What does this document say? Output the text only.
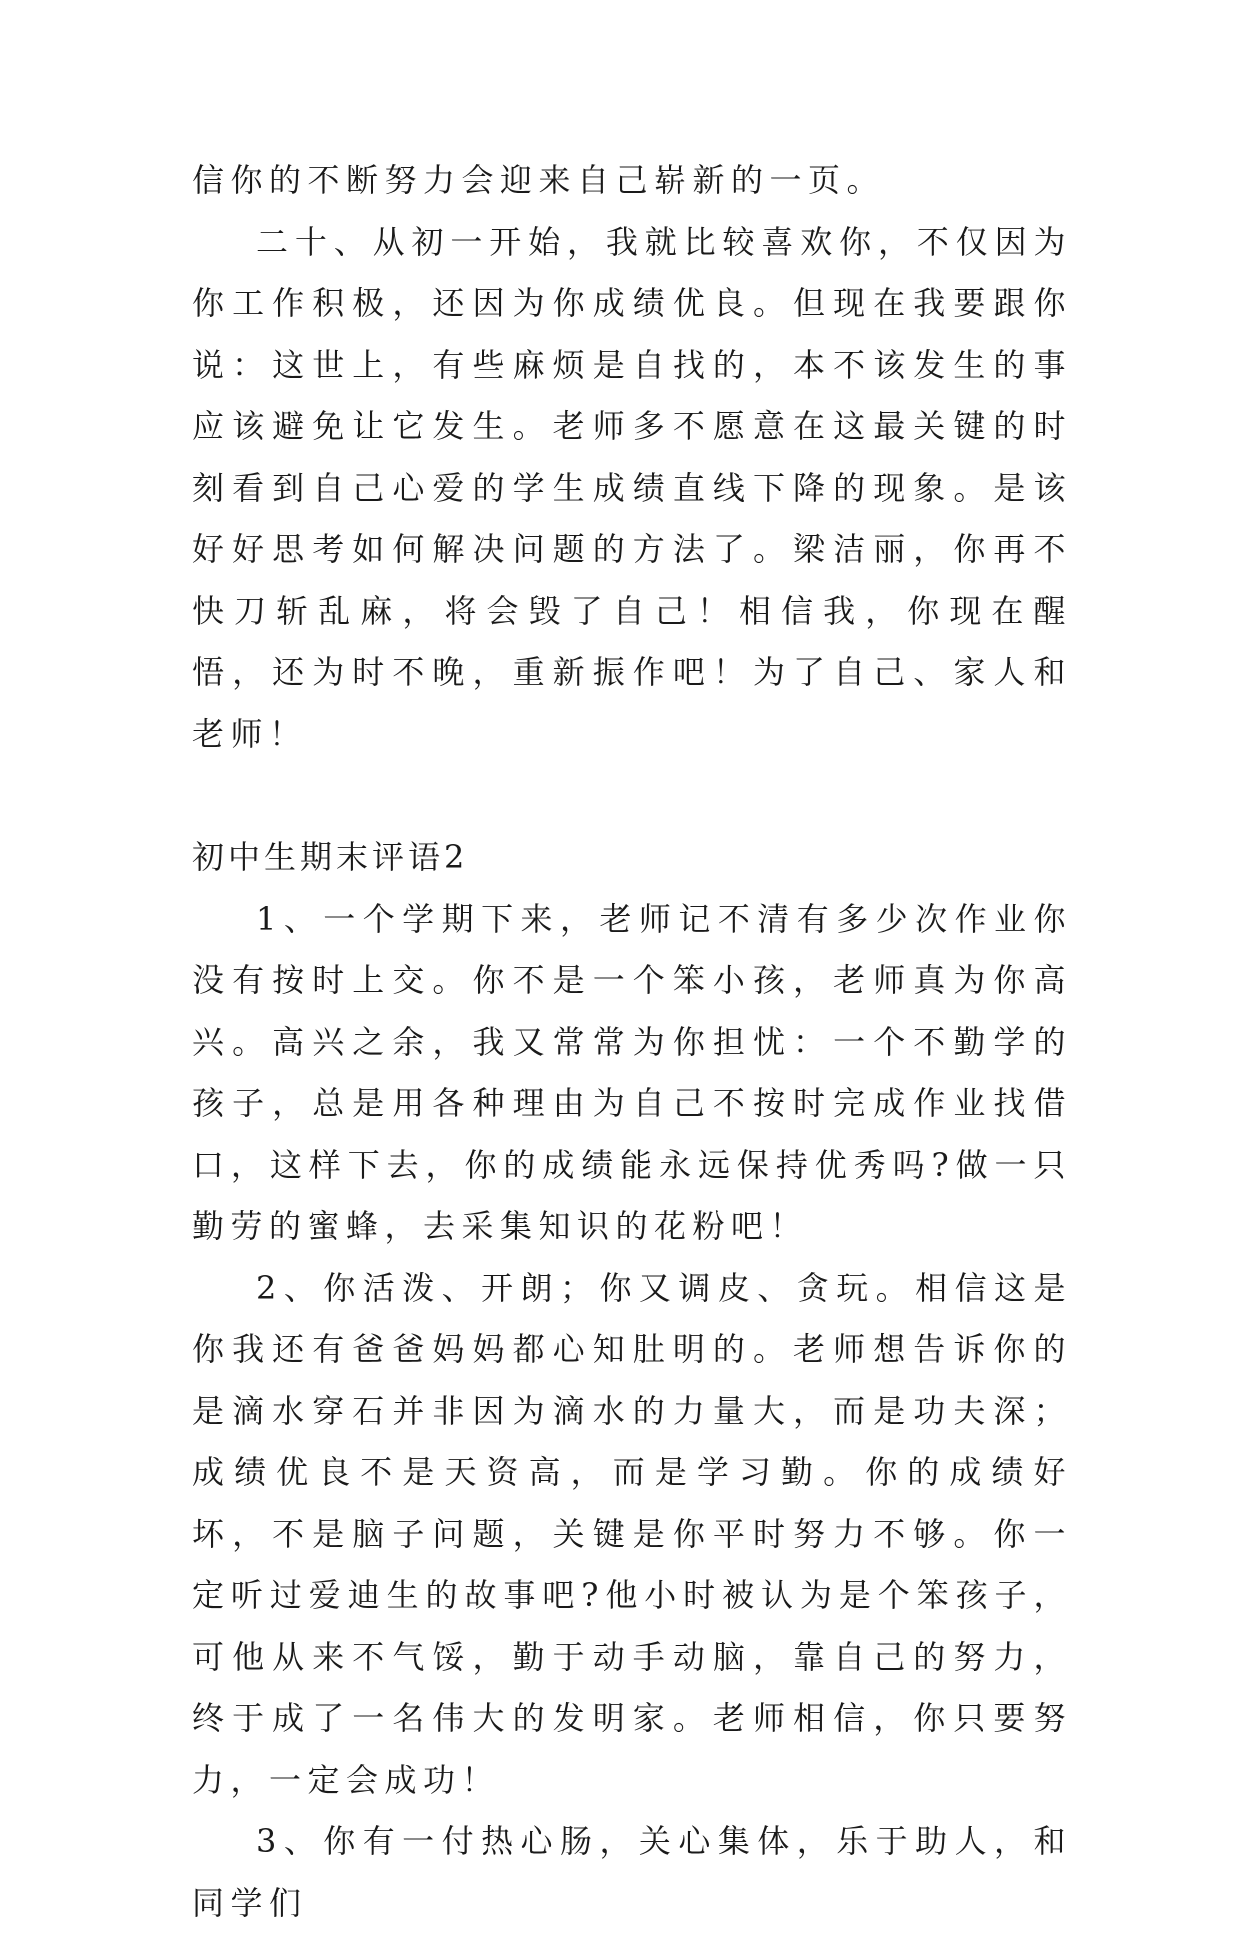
信你的不断努力会迎来自己崭新的一页。

二十、从初一开始，我就比较喜欢你，不仅因为你工作积极，还因为你成绩优良。但现在我要跟你说：这世上，有些麻烦是自找的，本不该发生的事应该避免让它发生。老师多不愿意在这最关键的时刻看到自己心爱的学生成绩直线下降的现象。是该好好思考如何解决问题的方法了。梁洁丽，你再不快刀斩乱麻，将会毁了自己！相信我，你现在醒悟，还为时不晚，重新振作吧！为了自己、家人和老师！

初中生期末评语2

1、一个学期下来，老师记不清有多少次作业你没有按时上交。你不是一个笨小孩，老师真为你高兴。高兴之余，我又常常为你担忧：一个不勤学的孩子，总是用各种理由为自己不按时完成作业找借口，这样下去，你的成绩能永远保持优秀吗?做一只勤劳的蜜蜂，去采集知识的花粉吧！

2、你活泼、开朗；你又调皮、贪玩。相信这是你我还有爸爸妈妈都心知肚明的。老师想告诉你的是滴水穿石并非因为滴水的力量大，而是功夫深；成绩优良不是天资高，而是学习勤。你的成绩好坏，不是脑子问题，关键是你平时努力不够。你一定听过爱迪生的故事吧?他小时被认为是个笨孩子，可他从来不气馁，勤于动手动脑，靠自己的努力，终于成了一名伟大的发明家。老师相信，你只要努力，一定会成功！

3、你有一付热心肠，关心集体，乐于助人，和同学们
